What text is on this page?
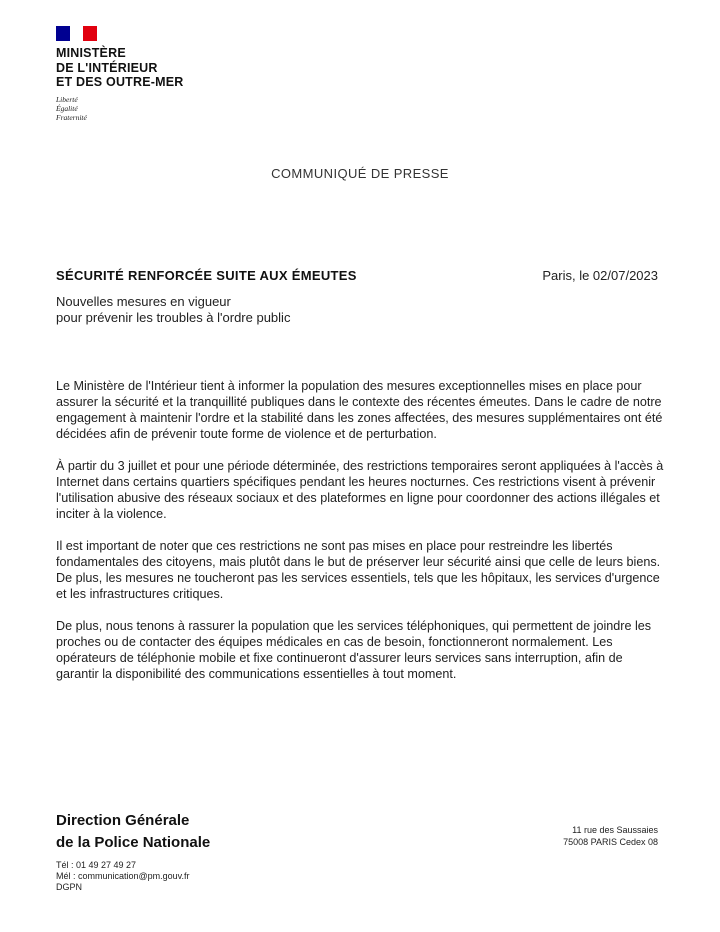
MINISTÈRE
DE L'INTÉRIEUR
ET DES OUTRE-MER
Liberté
Égalité
Fraternité
COMMUNIQUÉ DE PRESSE
SÉCURITÉ RENFORCÉE SUITE AUX ÉMEUTES	Paris, le 02/07/2023
Nouvelles mesures en vigueur
pour prévenir les troubles à l'ordre public

Le Ministère de l'Intérieur tient à informer la population des mesures exceptionnelles mises en place pour assurer la sécurité et la tranquillité publiques dans le contexte des récentes émeutes. Dans le cadre de notre engagement à maintenir l'ordre et la stabilité dans les zones affectées, des mesures supplémentaires ont été décidées afin de prévenir toute forme de violence et de perturbation.

À partir du 3 juillet et pour une période déterminée, des restrictions temporaires seront appliquées à l'accès à Internet dans certains quartiers spécifiques pendant les heures nocturnes. Ces restrictions visent à prévenir l'utilisation abusive des réseaux sociaux et des plateformes en ligne pour coordonner des actions illégales et inciter à la violence.

Il est important de noter que ces restrictions ne sont pas mises en place pour restreindre les libertés fondamentales des citoyens, mais plutôt dans le but de préserver leur sécurité ainsi que celle de leurs biens. De plus, les mesures ne toucheront pas les services essentiels, tels que les hôpitaux, les services d'urgence et les infrastructures critiques.

De plus, nous tenons à rassurer la population que les services téléphoniques, qui permettent de joindre les proches ou de contacter des équipes médicales en cas de besoin, fonctionneront normalement. Les opérateurs de téléphonie mobile et fixe continueront d'assurer leurs services sans interruption, afin de garantir la disponibilité des communications essentielles à tout moment.

Direction Générale
de la Police Nationale
11 rue des Saussaies
75008 PARIS Cedex 08
Tél : 01 49 27 49 27
Mél : communication@pm.gouv.fr
DGPN
